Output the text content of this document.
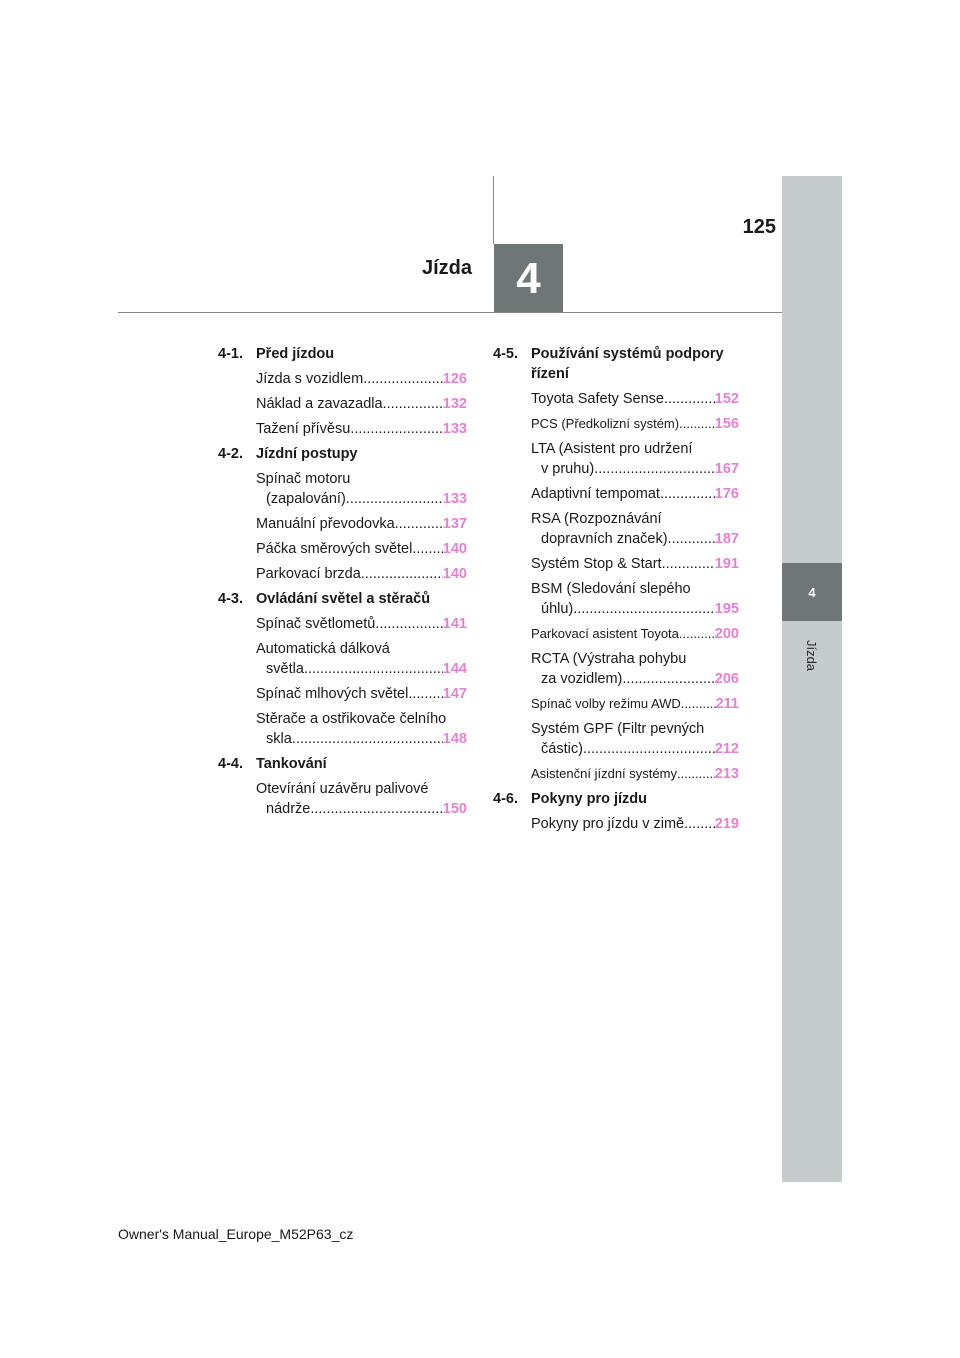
125
Jízda	4
4
Jízda
4-1. Před jízdou
Jízda s vozidlem .....	126
Náklad a zavazadla .....	132
Tažení přívěsu .....	133
4-2. Jízdní postupy
Spínač motoru
(zapalování) .....	133
Manuální převodovka .....	137
Páčka směrových světel ..... 140
Parkovací brzda .....	140
4-3. Ovládání světel a stěračů
Spínač světlometů .....	141
Automatická dálková
světla .....	144
Spínač mlhových světel ..... 147
Stěrače a ostřikovače čelního
skla .....	148
4-4. Tankování
Otevírání uzávěru palivové
nádrže .....	150
4-5. Používání systémů podpory
řízení
Toyota Safety Sense .....	152
PCS (Předkolizní systém) ..... 156
LTA (Asistent pro udržení
v pruhu) .....	167
Adaptivní tempomat .....	176
RSA (Rozpoznávání
dopravních značek) .....	187
Systém Stop & Start .....	191
BSM (Sledování slepého
úhlu) .....	195
Parkovací asistent Toyota ..... 200
RCTA (Výstraha pohybu
za vozidlem) .....	206
Spínač volby režimu AWD ..... 211
Systém GPF (Filtr pevných
částic) .....	212
Asistenční jízdní systémy .....	213
4-6. Pokyny pro jízdu
Pokyny pro jízdu v zimě ..... 219
Owner's Manual_Europe_M52P63_cz
